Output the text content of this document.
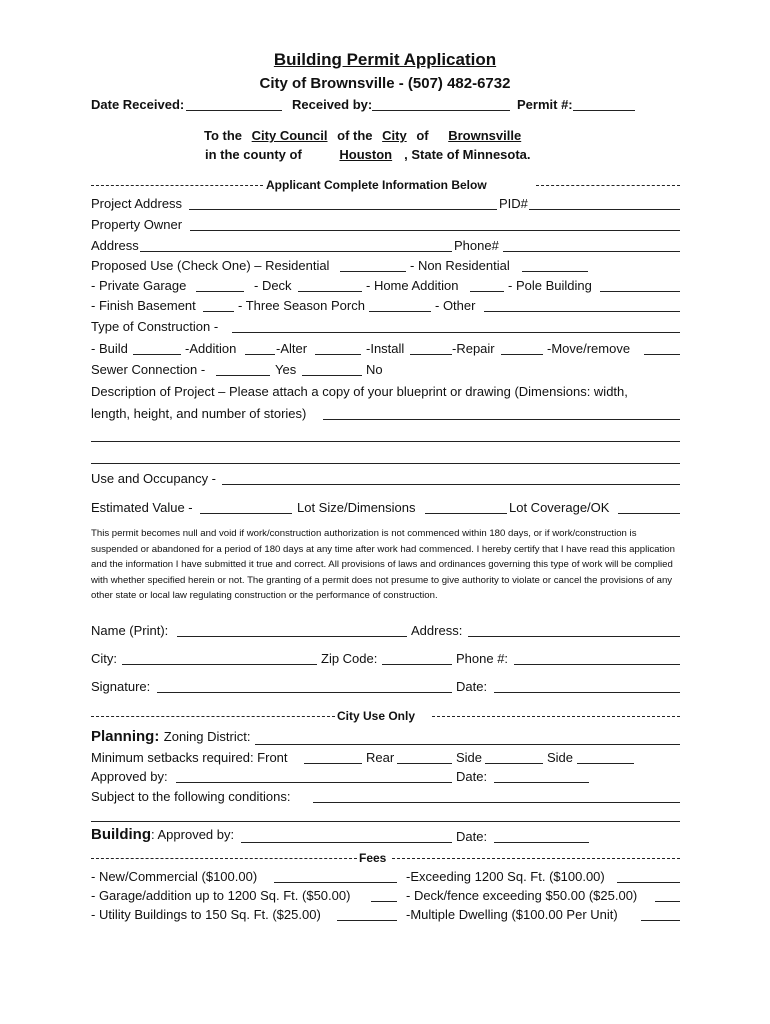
Building Permit Application
City of Brownsville - (507) 482-6732
Date Received:	Received by:	Permit #:
To the City Council of the City of Brownsville
in the county of	Houston , State of Minnesota.
Applicant Complete Information Below
Project Address	PID#
Property Owner
Address	Phone#
Proposed Use (Check One) – Residential	- Non Residential
- Private Garage	- Deck	- Home Addition	- Pole Building
- Finish Basement	- Three Season Porch	- Other
Type of Construction -
- Build	-Addition	-Alter	-Install	-Repair	-Move/remove
Sewer Connection -	Yes	No
Description of Project – Please attach a copy of your blueprint or drawing (Dimensions: width,
length, height, and number of stories)
Use and Occupancy -
Estimated Value -	Lot Size/Dimensions	Lot Coverage/OK
This permit becomes null and void if work/construction authorization is not commenced within 180 days, or if work/construction is suspended or abandoned for a period of 180 days at any time after work had commenced. I hereby certify that I have read this application and the information I have submitted it true and correct. All provisions of laws and ordinances governing this type of work will be complied with whether specified herein or not. The granting of a permit does not presume to give authority to violate or cancel the provisions of any other state or local law regulating construction or the performance of construction.
Name (Print):	Address:
City:	Zip Code:	Phone #:
Signature:	Date:
City Use Only
Planning: Zoning District:
Minimum setbacks required: Front	Rear	Side	Side
Approved by:	Date:
Subject to the following conditions:
Building: Approved by:	Date:
Fees
- New/Commercial ($100.00)	-Exceeding 1200 Sq. Ft. ($100.00)
- Garage/addition up to 1200 Sq. Ft. ($50.00)	- Deck/fence exceeding $50.00 ($25.00)
- Utility Buildings to 150 Sq. Ft. ($25.00)	-Multiple Dwelling ($100.00 Per Unit)
